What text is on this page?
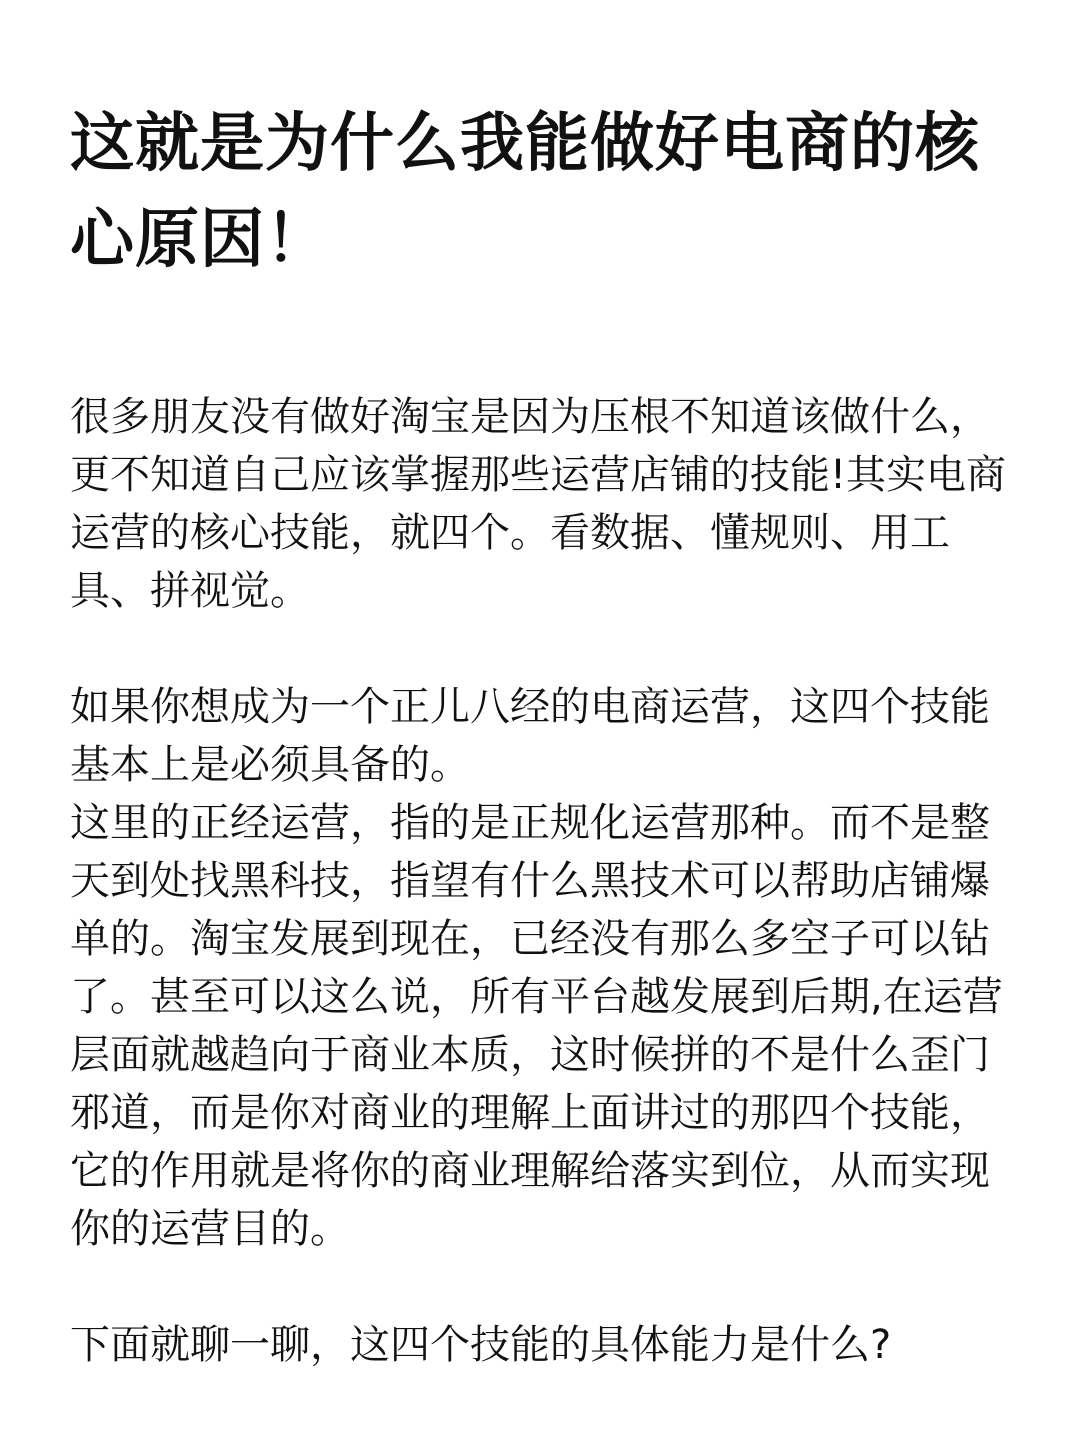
这就是为什么我能做好电商的核
心原因！

很多朋友没有做好淘宝是因为压根不知道该做什么，
更不知道自己应该掌握那些运营店铺的技能!其实电商
运营的核心技能，就四个。看数据、懂规则、用工
具、拼视觉。

如果你想成为一个正儿八经的电商运营，这四个技能
基本上是必须具备的。
这里的正经运营，指的是正规化运营那种。而不是整
天到处找黑科技，指望有什么黑技术可以帮助店铺爆
单的。淘宝发展到现在，已经没有那么多空子可以钻
了。甚至可以这么说，所有平台越发展到后期,在运营
层面就越趋向于商业本质，这时候拼的不是什么歪门
邪道，而是你对商业的理解上面讲过的那四个技能，
它的作用就是将你的商业理解给落实到位，从而实现
你的运营目的。

下面就聊一聊，这四个技能的具体能力是什么?
